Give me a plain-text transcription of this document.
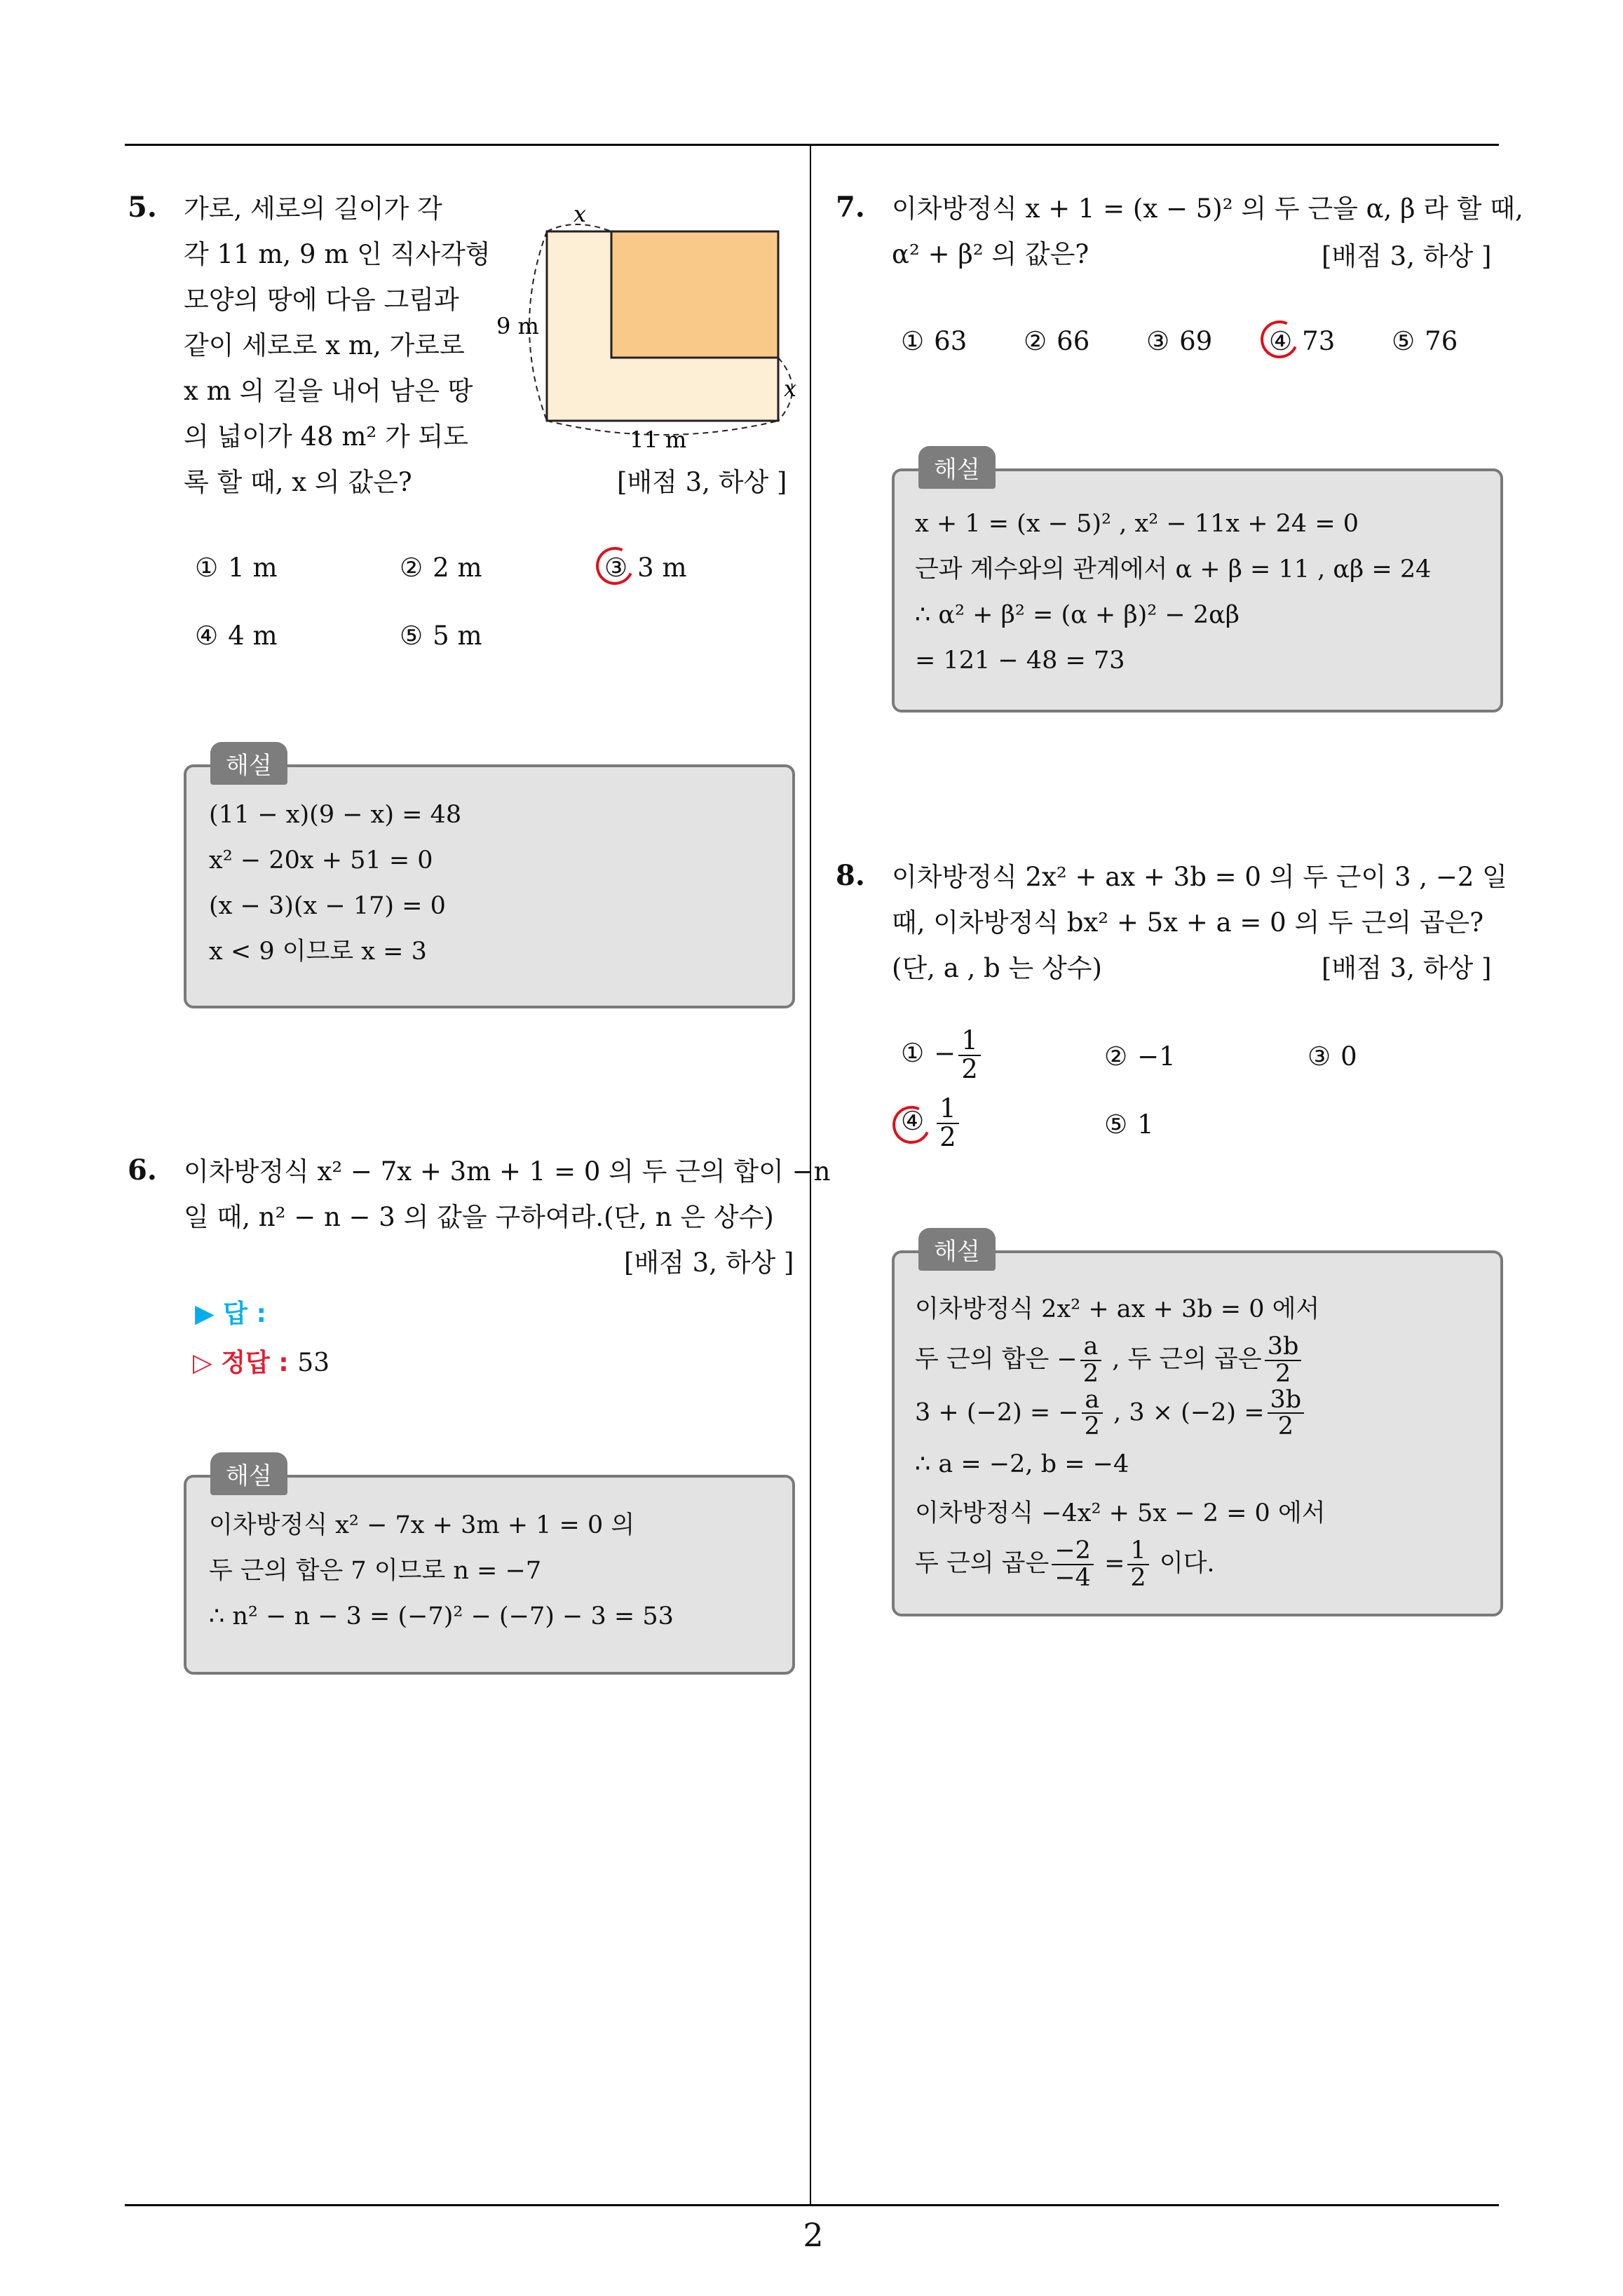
2
5. 가로, 세로의 길이가 각
각 11 m, 9 m 인 직사각형
모양의 땅에 다음 그림과
같이 세로로 x m, 가로로
x m 의 길을 내어 남은 땅
의 넓이가 48 m² 가 되도
록 할 때, x 의 값은?
x
9 m
x
11 m
[배점 3, 하상 ]
① 1 m	② 2 m	③ 3 m
④ 4 m	⑤ 5 m
해설
(11 − x)(9 − x) = 48
x² − 20x + 51 = 0
(x − 3)(x − 17) = 0
x < 9 이므로 x = 3
6. 이차방정식 x² − 7x + 3m + 1 = 0 의 두 근의 합이 −n
일 때, n² − n − 3 의 값을 구하여라.(단, n 은 상수)
[배점 3, 하상 ]
▶ 답 :
▷ 정답 : 53
해설
이차방정식 x² − 7x + 3m + 1 = 0 의
두 근의 합은 7 이므로 n = −7
∴ n² − n − 3 = (−7)² − (−7) − 3 = 53
7. 이차방정식 x + 1 = (x − 5)² 의 두 근을 α, β 라 할 때,
α² + β² 의 값은?	[배점 3, 하상 ]
① 63 ② 66 ③ 69 ④ 73 ⑤ 76
해설
x + 1 = (x − 5)² , x² − 11x + 24 = 0
근과 계수와의 관계에서 α + β = 11 , αβ = 24
∴ α² + β² = (α + β)² − 2αβ
= 121 − 48 = 73
8. 이차방정식 2x² + ax + 3b = 0 의 두 근이 3 , −2 일
때, 이차방정식 bx² + 5x + a = 0 의 두 근의 곱은?
(단, a , b 는 상수)	[배점 3, 하상 ]
① − $\frac{1}{2}$	② −1	③ 0
④ $\frac{1}{2}$	⑤ 1
해설
이차방정식 2x² + ax + 3b = 0 에서
두 근의 합은 − $\frac{a}{2}$ , 두 근의 곱은 $\frac{3b}{2}$
3 + (−2) = − $\frac{a}{2}$ , $3 \times (-2) = \frac{3b}{2}$
∴ a = −2, b = −4
이차방정식 −4x² + 5x − 2 = 0 에서
두 근의 곱은 $\frac{-2}{-4} = \frac{1}{2}$ 이다.
